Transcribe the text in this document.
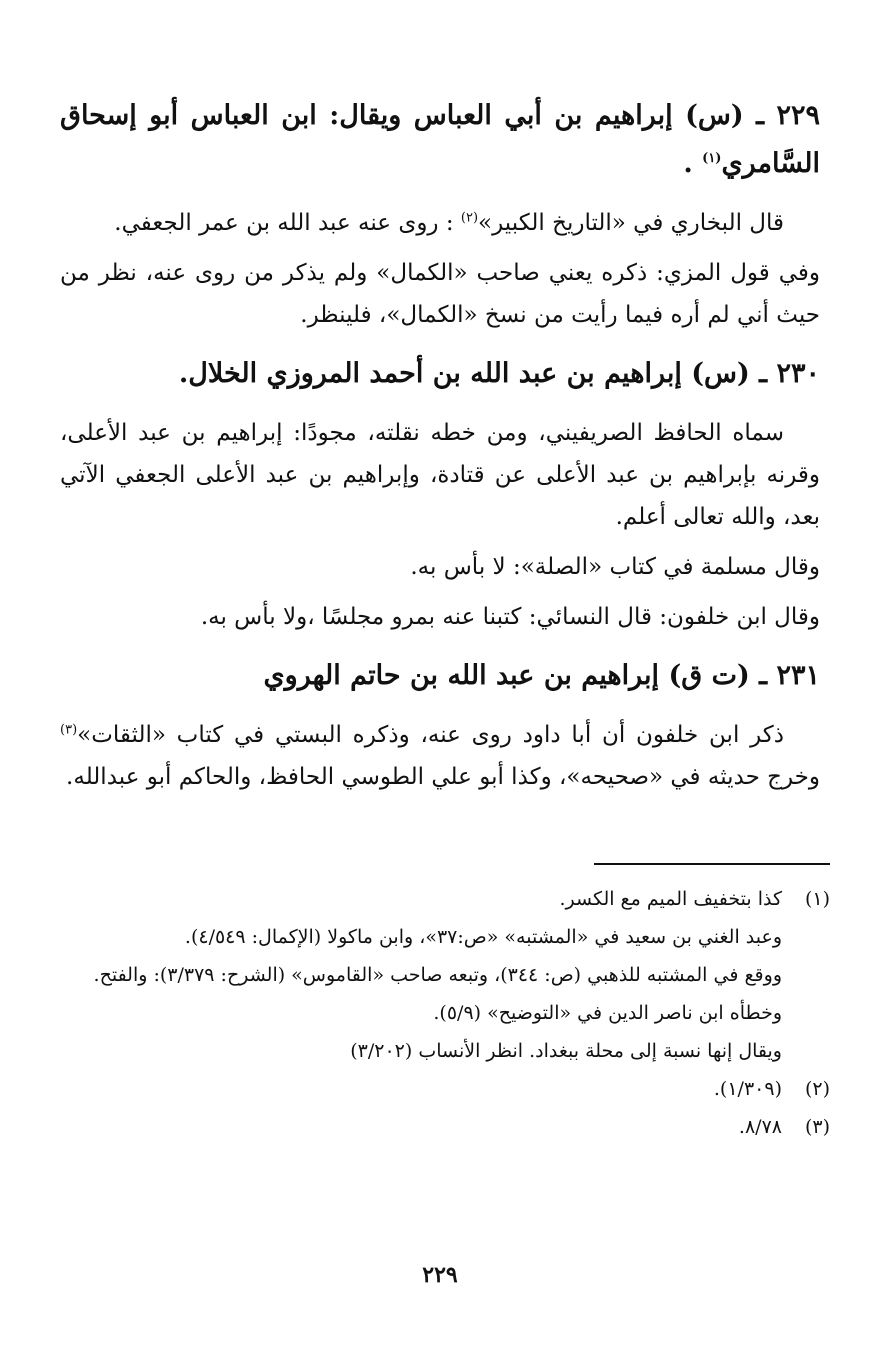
٢٢٩ ـ (س) إبراهيم بن أبي العباس ويقال: ابن العباس أبو إسحاق السَّامري$^{(١)}$ .

قال البخاري في «التاريخ الكبير»$^{(٢)}$ : روى عنه عبد الله بن عمر الجعفي.

وفي قول المزي: ذكره يعني صاحب «الكمال» ولم يذكر من روى عنه، نظر من حيث أني لم أره فيما رأيت من نسخ «الكمال»، فلينظر.

٢٣٠ ـ (س) إبراهيم بن عبد الله بن أحمد المروزي الخلال.

سماه الحافظ الصريفيني، ومن خطه نقلته، مجودًا: إبراهيم بن عبد الأعلى، وقرنه بإبراهيم بن عبد الأعلى عن قتادة، وإبراهيم بن عبد الأعلى الجعفي الآتي بعد، والله تعالى أعلم.

وقال مسلمة في كتاب «الصلة»: لا بأس به.

وقال ابن خلفون: قال النسائي: كتبنا عنه بمرو مجلسًا ،ولا بأس به.

٢٣١ ـ (ت ق) إبراهيم بن عبد الله بن حاتم الهروي

ذكر ابن خلفون أن أبا داود روى عنه، وذكره البستي في كتاب «الثقات»$^{(٣)}$ وخرج حديثه في «صحيحه»، وكذا أبو علي الطوسي الحافظ، والحاكم أبو عبدالله.

(١)كذا بتخفيف الميم مع الكسر.

وعبد الغني بن سعيد في «المشتبه» «ص:٣٧»، وابن ماكولا (الإكمال: ٤/٥٤٩).

ووقع في المشتبه للذهبي (ص: ٣٤٤)، وتبعه صاحب «القاموس» (الشرح: ٣/٣٧٩): والفتح.

وخطأه ابن ناصر الدين في «التوضيح» (٥/٩).

ويقال إنها نسبة إلى محلة ببغداد. انظر الأنساب (٣/٢٠٢)

(٢)(١/٣٠٩).

(٣)٨/٧٨.

٢٢٩
